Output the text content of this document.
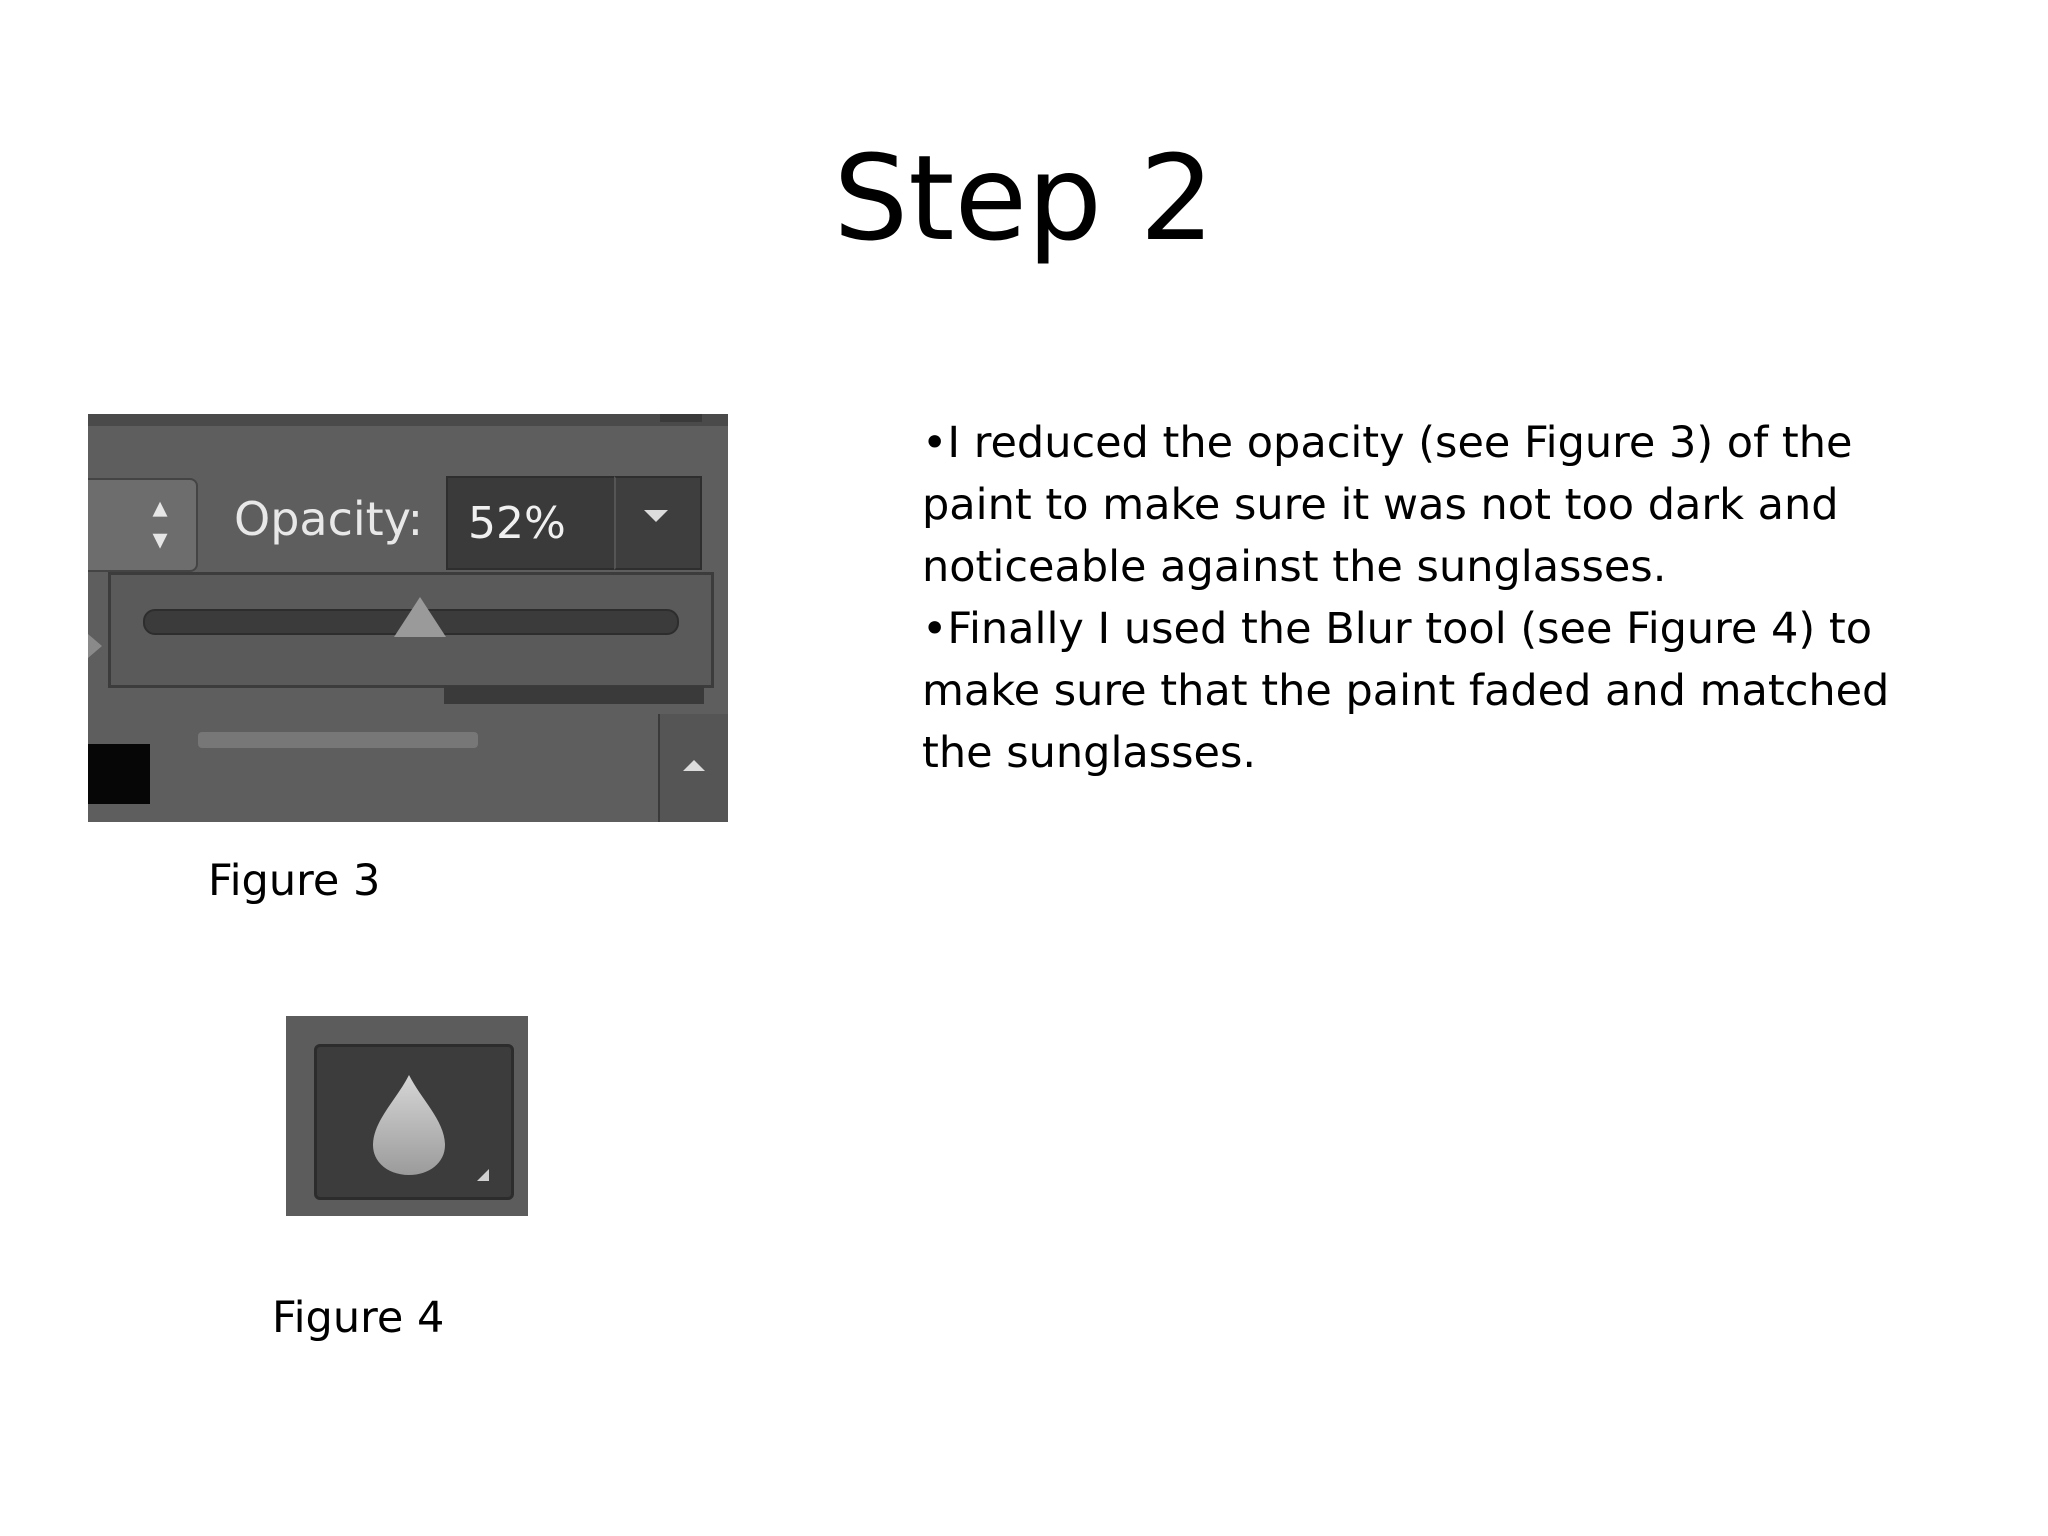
Step 2
▴
▾ Opacity: 52%
Figure 3
Figure 4

•I reduced the opacity (see Figure 3) of the paint to make sure it was not too dark and noticeable against the sunglasses.

•Finally I used the Blur tool (see Figure 4) to make sure that the paint faded and matched the sunglasses.
